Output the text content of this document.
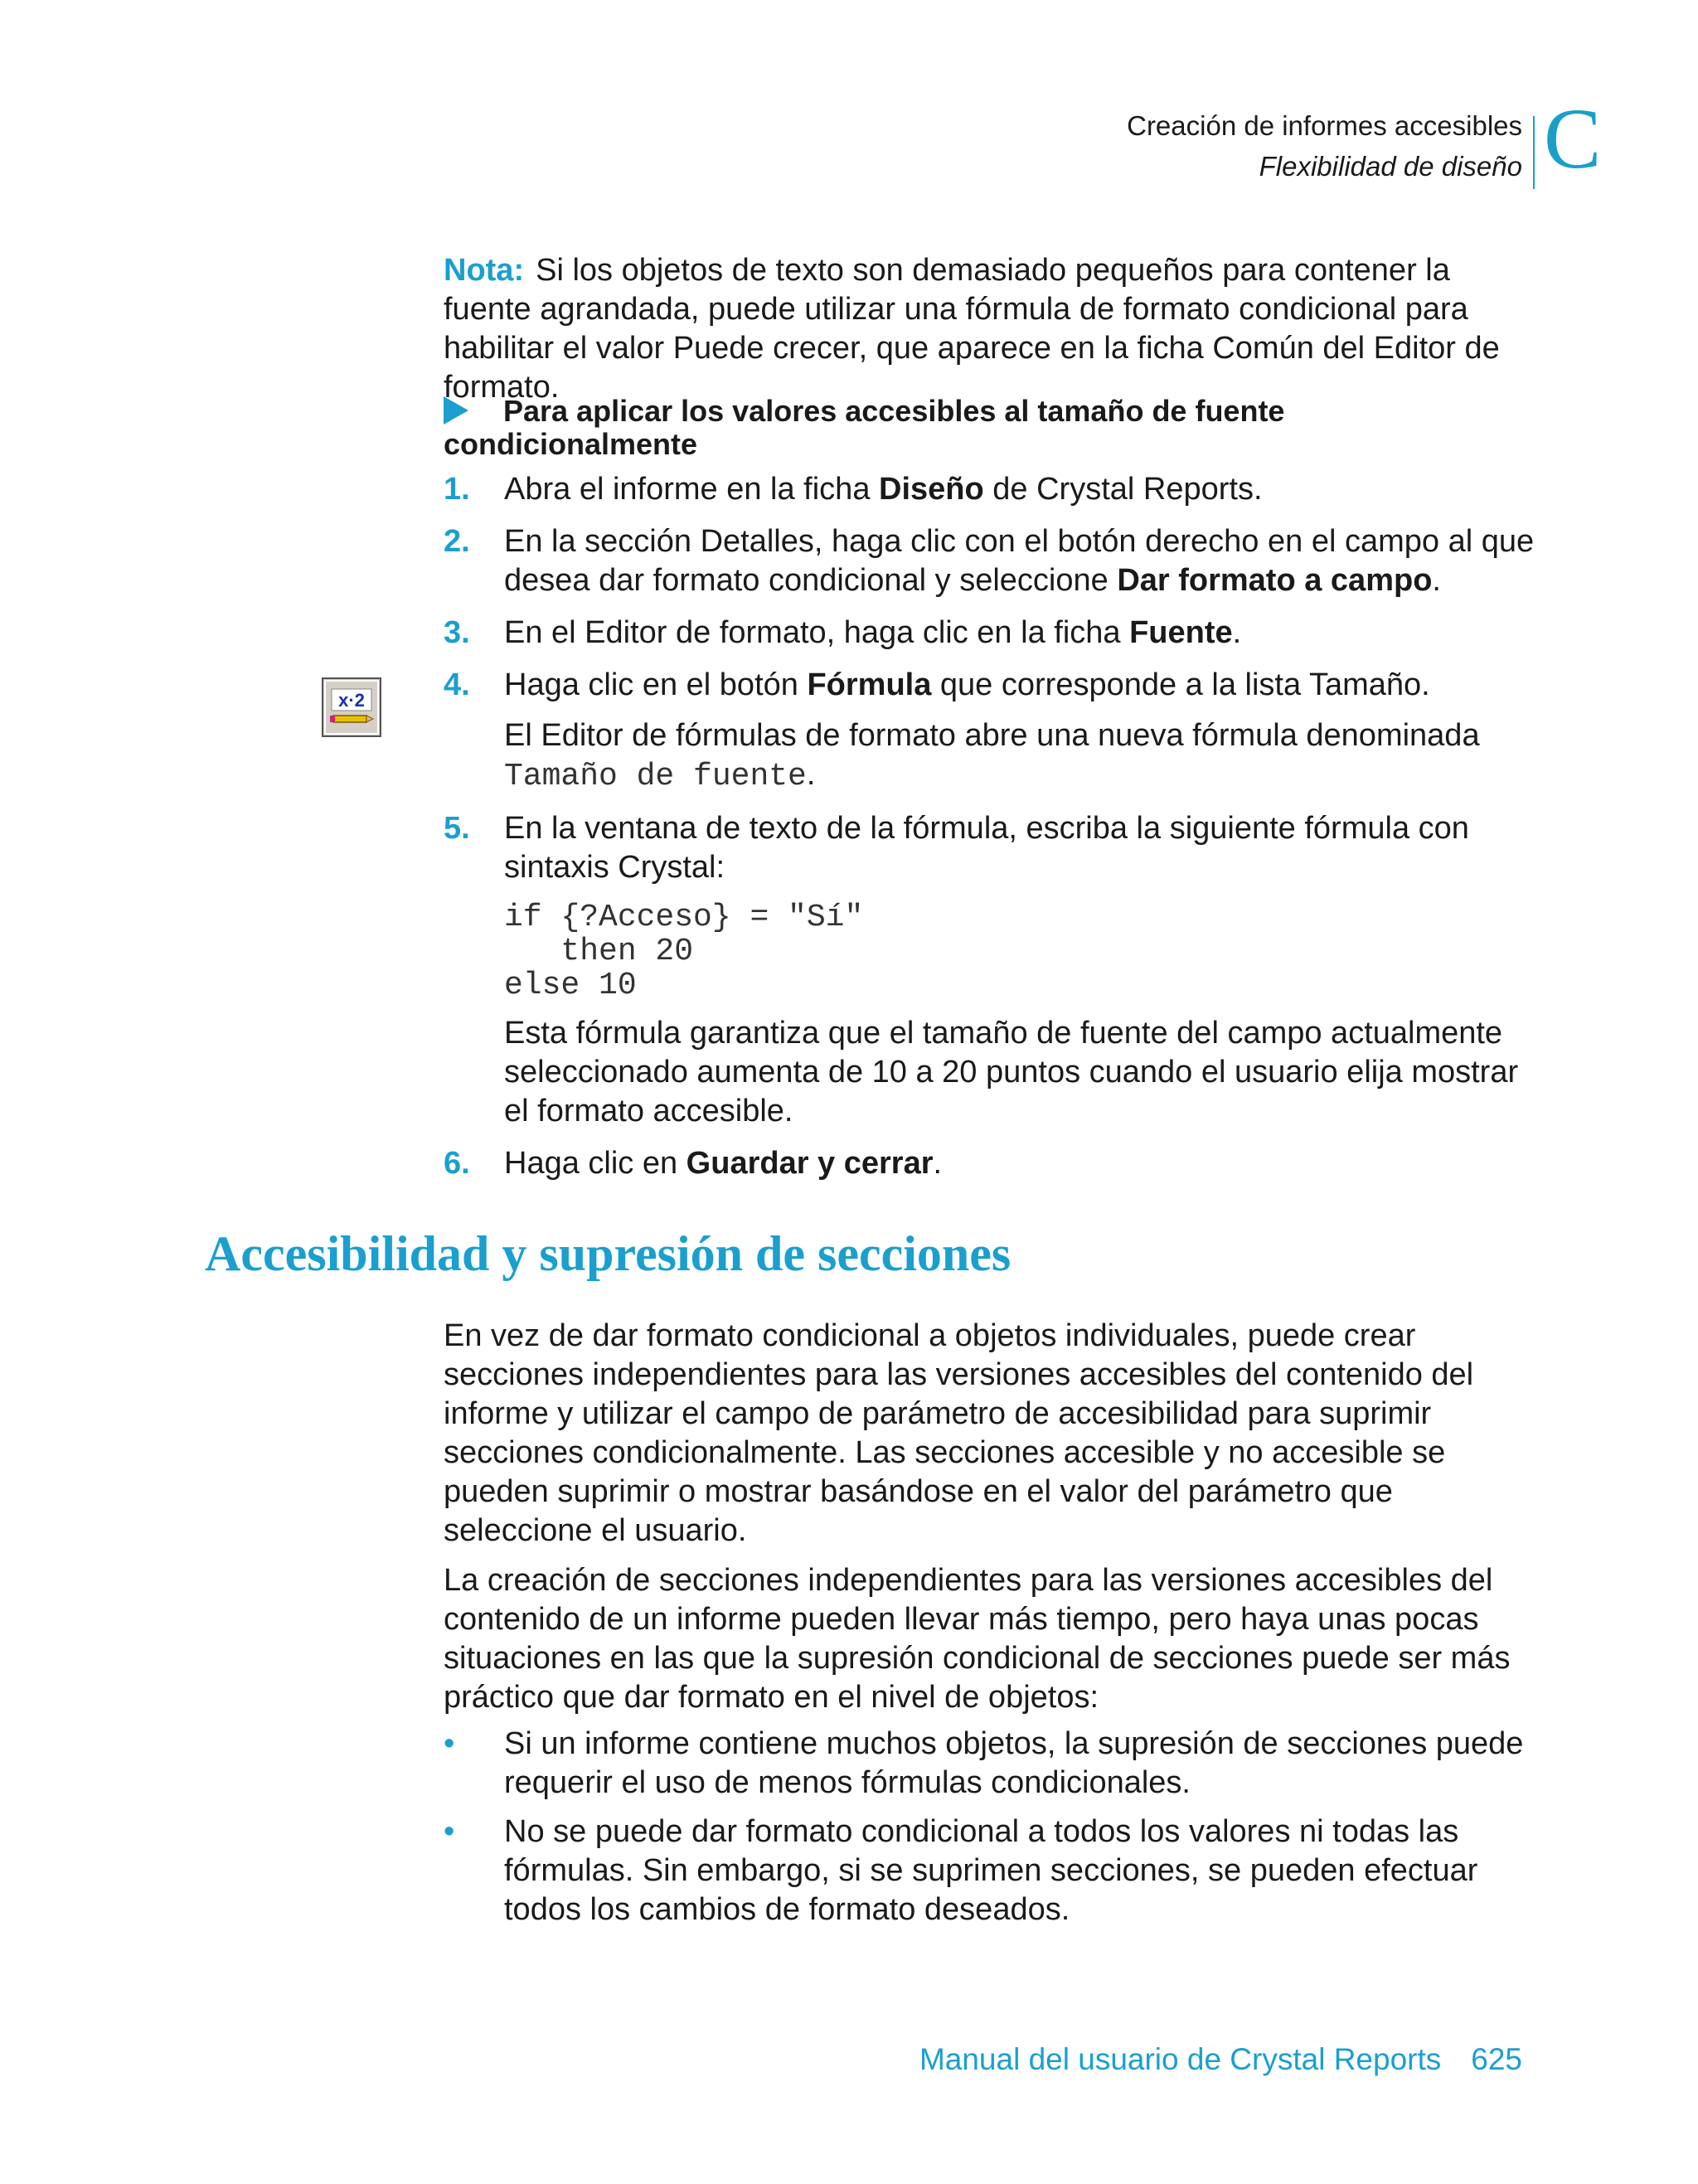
Creación de informes accesibles
Flexibilidad de diseño C
Nota: Si los objetos de texto son demasiado pequeños para contener la fuente agrandada, puede utilizar una fórmula de formato condicional para habilitar el valor Puede crecer, que aparece en la ficha Común del Editor de formato.
Para aplicar los valores accesibles al tamaño de fuente condicionalmente
x·2
1. Abra el informe en la ficha Diseño de Crystal Reports.

2. En la sección Detalles, haga clic con el botón derecho en el campo al que desea dar formato condicional y seleccione Dar formato a campo.

3. En el Editor de formato, haga clic en la ficha Fuente.

4. Haga clic en el botón Fórmula que corresponde a la lista Tamaño.

El Editor de fórmulas de formato abre una nueva fórmula denominada Tamaño de fuente.

5. En la ventana de texto de la fórmula, escriba la siguiente fórmula con sintaxis Crystal:

if {?Acceso} = "Sí"
then 20
else 10

Esta fórmula garantiza que el tamaño de fuente del campo actualmente seleccionado aumenta de 10 a 20 puntos cuando el usuario elija mostrar el formato accesible.

6. Haga clic en Guardar y cerrar.

Accesibilidad y supresión de secciones
En vez de dar formato condicional a objetos individuales, puede crear secciones independientes para las versiones accesibles del contenido del informe y utilizar el campo de parámetro de accesibilidad para suprimir secciones condicionalmente. Las secciones accesible y no accesible se pueden suprimir o mostrar basándose en el valor del parámetro que seleccione el usuario.
La creación de secciones independientes para las versiones accesibles del contenido de un informe pueden llevar más tiempo, pero haya unas pocas situaciones en las que la supresión condicional de secciones puede ser más práctico que dar formato en el nivel de objetos:
• Si un informe contiene muchos objetos, la supresión de secciones puede requerir el uso de menos fórmulas condicionales.
• No se puede dar formato condicional a todos los valores ni todas las fórmulas. Sin embargo, si se suprimen secciones, se pueden efectuar todos los cambios de formato deseados.
Manual del usuario de Crystal Reports 625
